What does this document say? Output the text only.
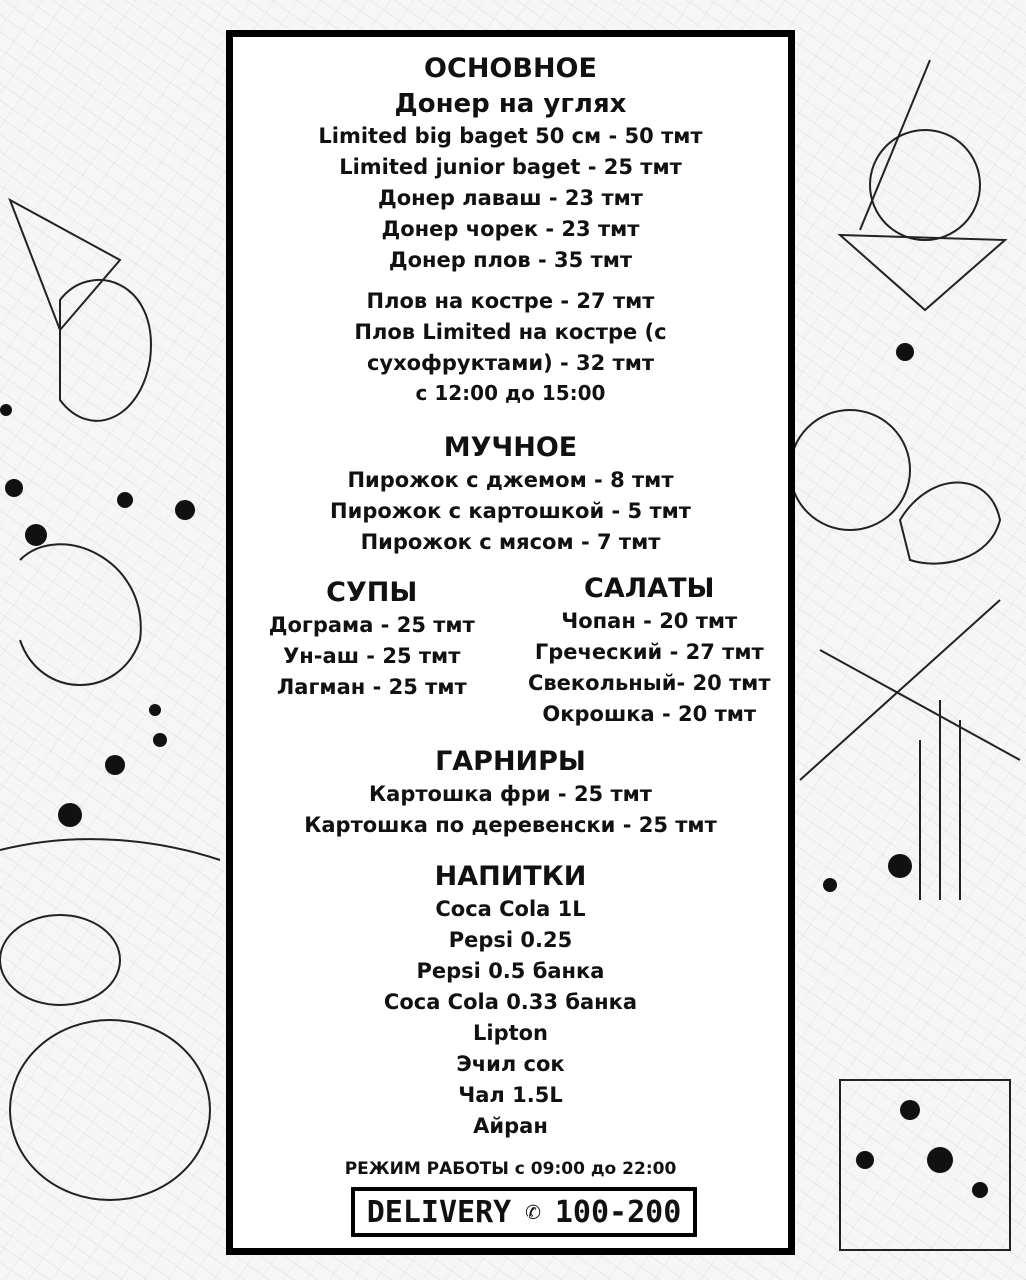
ОСНОВНОЕ
Донер на углях
Limited big baget 50 см - 50 тмт
Limited junior baget - 25 тмт
Донер лаваш - 23 тмт
Донер чорек - 23 тмт
Донер плов - 35 тмт
Плов на костре - 27 тмт
Плов Limited на костре (с
сухофруктами) - 32 тмт
с 12:00 до 15:00
МУЧНОЕ
Пирожок с джемом - 8 тмт
Пирожок с картошкой - 5 тмт
Пирожок с мясом - 7 тмт
СУПЫ
Дограма - 25 тмт
Ун-аш - 25 тмт
Лагман - 25 тмт
САЛАТЫ
Чопан - 20 тмт
Греческий - 27 тмт
Свекольный- 20 тмт
Окрошка - 20 тмт
ГАРНИРЫ
Картошка фри - 25 тмт
Картошка по деревенски - 25 тмт
НАПИТКИ
Coca Cola 1L
Pepsi 0.25
Pepsi 0.5 банка
Coca Cola 0.33 банка
Lipton
Эчил сок
Чал 1.5L
Айран
РЕЖИМ РАБОТЫ с 09:00 до 22:00
DELIVERY ✆ 100-200
